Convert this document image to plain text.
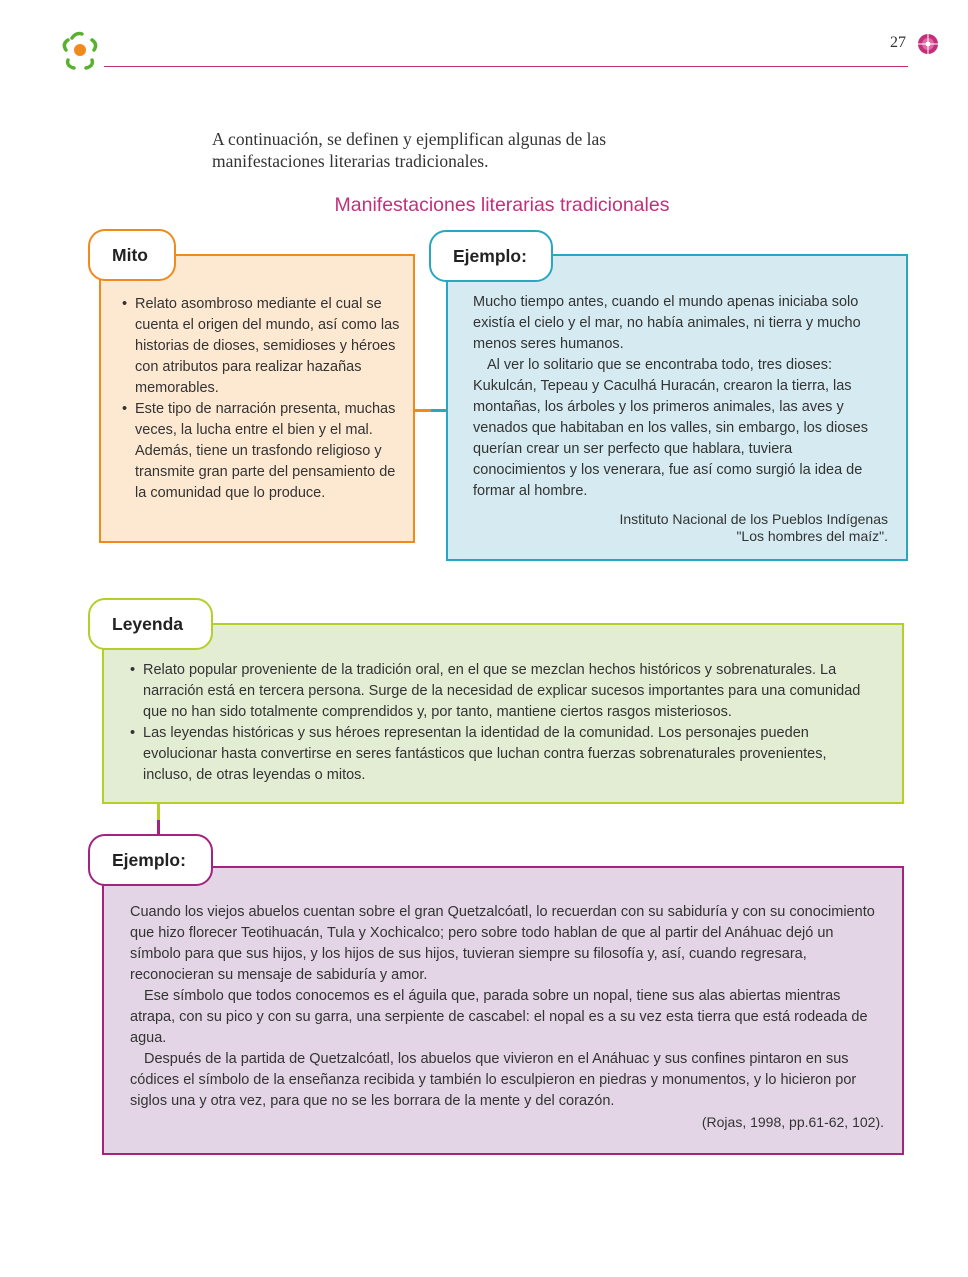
27
A continuación, se definen y ejemplifican algunas de las manifestaciones literarias tradicionales.
Manifestaciones literarias tradicionales
• Relato asombroso mediante el cual se cuenta el origen del mundo, así como las historias de dioses, semidioses y héroes con atributos para realizar hazañas memorables.
• Este tipo de narración presenta, muchas veces, la lucha entre el bien y el mal. Además, tiene un trasfondo religioso y transmite gran parte del pensamiento de la comunidad que lo produce.
Mito

Mucho tiempo antes, cuando el mundo apenas iniciaba solo existía el cielo y el mar, no había animales, ni tierra y mucho menos seres humanos.

Al ver lo solitario que se encontraba todo, tres dioses: Kukulcán, Tepeau y Caculhá Huracán, crearon la tierra, las montañas, los árboles y los primeros animales, las aves y venados que habitaban en los valles, sin embargo, los dioses querían crear un ser perfecto que hablara, tuviera conocimientos y los venerara, fue así como surgió la idea de formar al hombre.

Instituto Nacional de los Pueblos Indígenas
"Los hombres del maíz".
Ejemplo:
• Relato popular proveniente de la tradición oral, en el que se mezclan hechos históricos y sobrenaturales. La narración está en tercera persona. Surge de la necesidad de explicar sucesos importantes para una comunidad que no han sido totalmente comprendidos y, por tanto, mantiene ciertos rasgos misteriosos.
• Las leyendas históricas y sus héroes representan la identidad de la comunidad. Los personajes pueden evolucionar hasta convertirse en seres fantásticos que luchan contra fuerzas sobrenaturales provenientes, incluso, de otras leyendas o mitos.
Leyenda

Cuando los viejos abuelos cuentan sobre el gran Quetzalcóatl, lo recuerdan con su sabiduría y con su conocimiento que hizo florecer Teotihuacán, Tula y Xochicalco; pero sobre todo hablan de que al partir del Anáhuac dejó un símbolo para que sus hijos, y los hijos de sus hijos, tuvieran siempre su filosofía y, así, cuando regresara, reconocieran su mensaje de sabiduría y amor.

Ese símbolo que todos conocemos es el águila que, parada sobre un nopal, tiene sus alas abiertas mientras atrapa, con su pico y con su garra, una serpiente de cascabel: el nopal es a su vez esta tierra que está rodeada de agua.

Después de la partida de Quetzalcóatl, los abuelos que vivieron en el Anáhuac y sus confines pintaron en sus códices el símbolo de la enseñanza recibida y también lo esculpieron en piedras y monumentos, y lo hicieron por siglos una y otra vez, para que no se les borrara de la mente y del corazón.

(Rojas, 1998, pp.61-62, 102).
Ejemplo:
